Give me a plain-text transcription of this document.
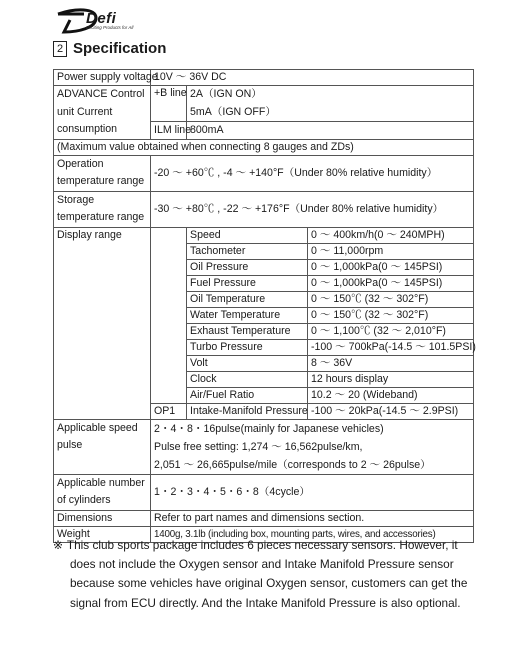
Defi
Exciting Products for All
2 Specification
Power supply voltage	10V ～ 36V DC		
ADVANCE Control unit Current consumption	+B line	2A（IGN ON）
5mA（IGN OFF）	

	ILM line	800mA	
(Maximum value obtained when connecting 8 gauges and ZDs)			
Operation temperature range	-20 ～ +60℃ , -4 ～ +140°F（Under 80% relative humidity）		
Storage temperature range	-30 ～ +80℃ , -22 ～ +176°F（Under 80% relative humidity）		
Display range		Speed	0 ～ 400km/h(0 ～ 240MPH)
		Tachometer	0 ～ 11,000rpm
		Oil Pressure	0 ～ 1,000kPa(0 ～ 145PSI)
		Fuel Pressure	0 ～ 1,000kPa(0 ～ 145PSI)
		Oil Temperature	0 ～ 150℃ (32 ～ 302°F)
		Water Temperature	0 ～ 150℃ (32 ～ 302°F)
		Exhaust Temperature	0 ～ 1,100℃ (32 ～ 2,010°F)
		Turbo Pressure	-100 ～ 700kPa(-14.5 ～ 101.5PSI)
		Volt	8 ～ 36V
		Clock	12 hours display
		Air/Fuel Ratio	10.2 ～ 20 (Wideband)
	OP1	Intake-Manifold Pressure	-100 ～ 20kPa(-14.5 ～ 2.9PSI)
Applicable speed pulse	2・4・8・16pulse(mainly for Japanese vehicles)
Pulse free setting: 1,274 ～ 16,562pulse/km,
2,051 ～ 26,665pulse/mile（corresponds to 2 ～ 26pulse）		

Applicable number of cylinders	1・2・3・4・5・6・8（4cycle）		
Dimensions	Refer to part names and dimensions section.		
Weight	1400g, 3.1lb (including box, mounting parts, wires, and accessories)		

※ This club sports package includes 6 pieces necessary sensors. However, it does not include the Oxygen sensor and Intake Manifold Pressure sensor because some vehicles have original Oxygen sensor, customers can get the signal from ECU directly. And the Intake Manifold Pressure is also optional.
